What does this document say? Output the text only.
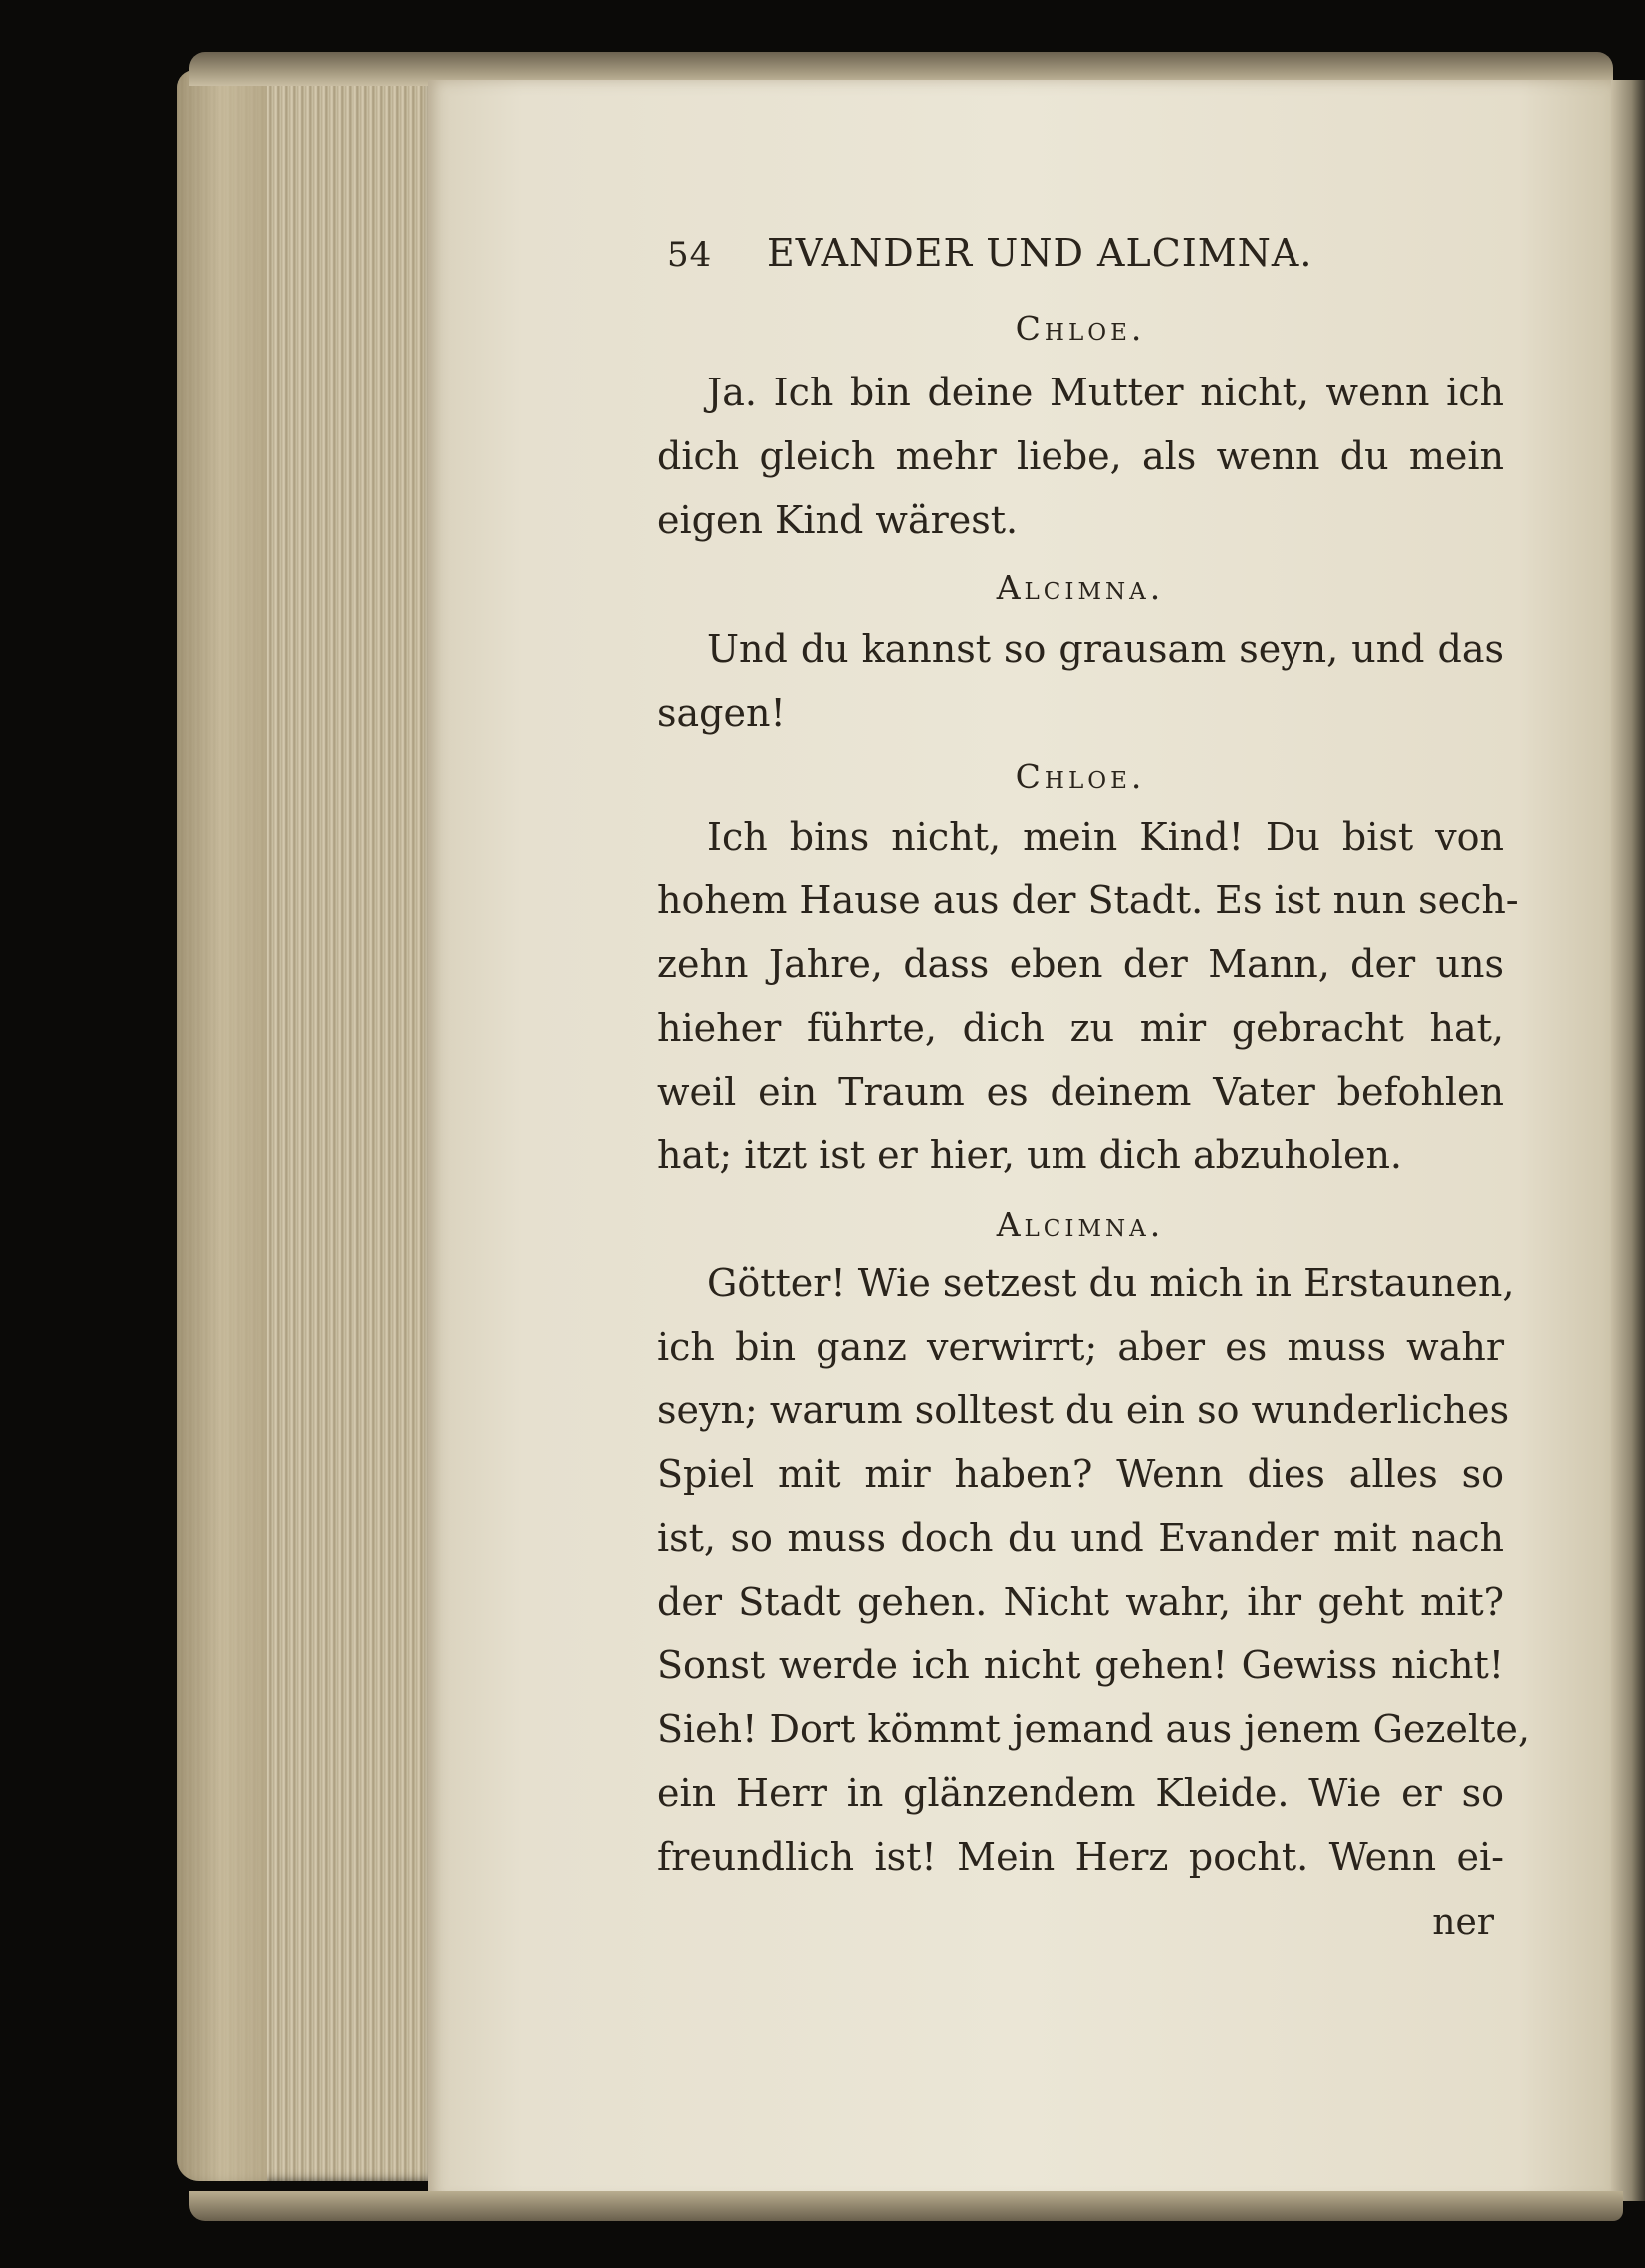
54 EVANDER UND ALCIMNA.
Chloe.
Ja. Ich bin deine Mutter nicht, wenn ich
dich gleich mehr liebe, als wenn du mein
eigen Kind wärest.
Alcimna.
Und du kannst so grausam seyn, und das
sagen!
Chloe.
Ich bins nicht, mein Kind! Du bist von
hohem Hause aus der Stadt. Es ist nun sech-
zehn Jahre, dass eben der Mann, der uns
hieher führte, dich zu mir gebracht hat,
weil ein Traum es deinem Vater befohlen
hat; itzt ist er hier, um dich abzuholen.
Alcimna.
Götter! Wie setzest du mich in Erstaunen,
ich bin ganz verwirrt; aber es muss wahr
seyn; warum solltest du ein so wunderliches
Spiel mit mir haben? Wenn dies alles so
ist, so muss doch du und Evander mit nach
der Stadt gehen. Nicht wahr, ihr geht mit?
Sonst werde ich nicht gehen! Gewiss nicht!
Sieh! Dort kömmt jemand aus jenem Gezelte,
ein Herr in glänzendem Kleide. Wie er so
freundlich ist! Mein Herz pocht. Wenn ei-
ner
